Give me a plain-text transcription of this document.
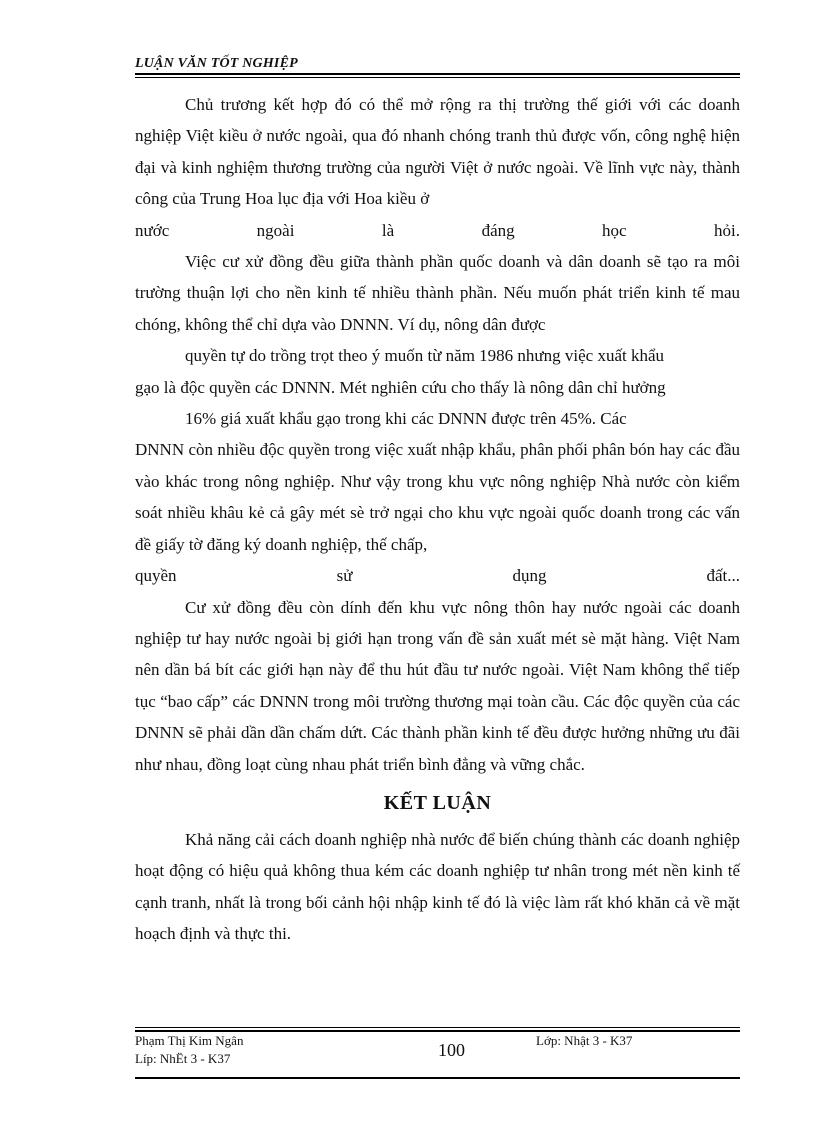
LUẬN VĂN TỐT NGHIỆP

Chủ trương kết hợp đó có thể mở rộng ra thị trường thế giới với các doanh nghiệp Việt kiều ở nước ngoài, qua đó nhanh chóng tranh thủ được vốn, công nghệ hiện đại và kinh nghiệm thương trường của người Việt ở nước ngoài. Về lĩnh vực này, thành công của Trung Hoa lục địa với Hoa kiều ở

nước ngoài là đáng học hỏi.

Việc cư xử đồng đều giữa thành phần quốc doanh và dân doanh sẽ tạo ra môi trường thuận lợi cho nền kinh tế nhiều thành phần. Nếu muốn phát triển kinh tế mau chóng, không thể chỉ dựa vào DNNN. Ví dụ, nông dân được

quyền tự do trồng trọt theo ý muốn từ năm 1986 nhưng việc xuất khẩu

gạo là độc quyền các DNNN. Mét nghiên cứu cho thấy là nông dân chỉ hưởng

16% giá xuất khẩu gạo trong khi các DNNN được trên 45%. Các

DNNN còn nhiều độc quyền trong việc xuất nhập khẩu, phân phối phân bón hay các đầu vào khác trong nông nghiệp. Như vậy trong khu vực nông nghiệp Nhà nước còn kiểm soát nhiều khâu kẻ cả gây mét sè trở ngại cho khu vực ngoài quốc doanh trong các vấn đề giấy tờ đăng ký doanh nghiệp, thế chấp,

quyền sử dụng đất...

Cư xử đồng đều còn dính đến khu vực nông thôn hay nước ngoài các doanh nghiệp tư hay nước ngoài bị giới hạn trong vấn đề sản xuất mét sè mặt hàng. Việt Nam nên dần bá bít các giới hạn này để thu hút đầu tư nước ngoài. Việt Nam không thể tiếp tục “bao cấp” các DNNN trong môi trường thương mại toàn cầu. Các độc quyền của các DNNN sẽ phải dần dần chấm dứt. Các thành phần kinh tế đều được hưởng những ưu đãi như nhau, đồng loạt cùng nhau phát triển bình đẳng và vững chắc.

KẾT LUẬN

Khả năng cải cách doanh nghiệp nhà nước để biến chúng thành các doanh nghiệp hoạt động có hiệu quả không thua kém các doanh nghiệp tư nhân trong mét nền kinh tế cạnh tranh, nhất là trong bối cảnh hội nhập kinh tế đó là việc làm rất khó khăn cả về mặt hoạch định và thực thi.

Phạm Thị Kim Ngân
Líp: NhËt 3 - K37	100	Lớp: Nhật 3 - K37
